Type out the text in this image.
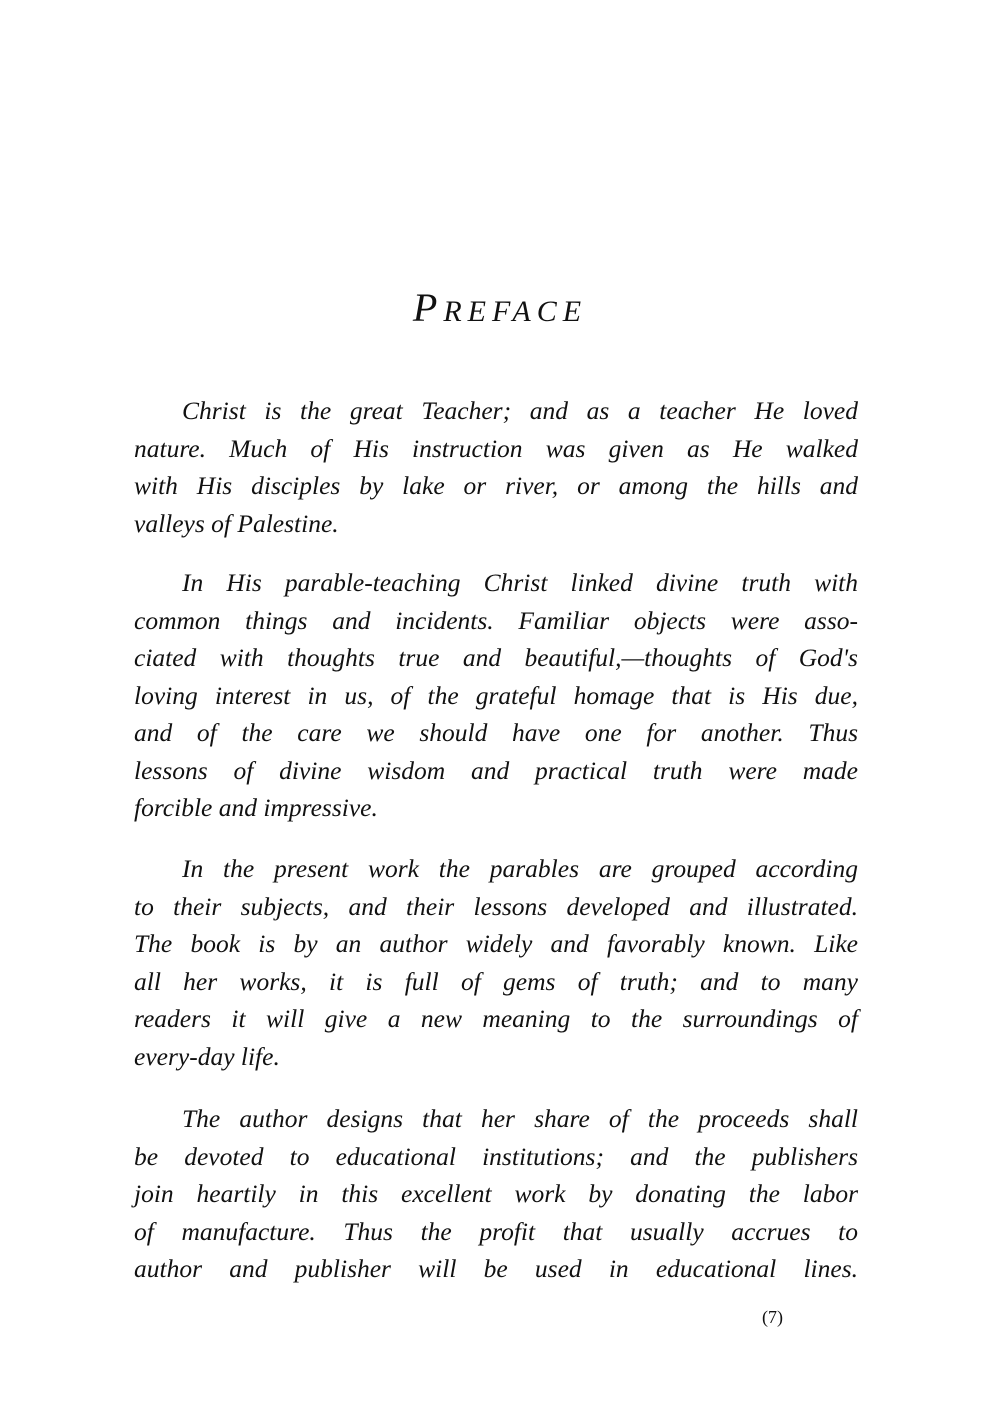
PREFACE
Christ is the great Teacher; and as a teacher He loved
nature. Much of His instruction was given as He walked
with His disciples by lake or river, or among the hills and
valleys of Palestine.
In His parable-teaching Christ linked divine truth with
common things and incidents. Familiar objects were asso-
ciated with thoughts true and beautiful,—thoughts of God's
loving interest in us, of the grateful homage that is His due,
and of the care we should have one for another. Thus
lessons of divine wisdom and practical truth were made
forcible and impressive.
In the present work the parables are grouped according
to their subjects, and their lessons developed and illustrated.
The book is by an author widely and favorably known. Like
all her works, it is full of gems of truth; and to many
readers it will give a new meaning to the surroundings of
every-day life.
The author designs that her share of the proceeds shall
be devoted to educational institutions; and the publishers
join heartily in this excellent work by donating the labor
of manufacture. Thus the profit that usually accrues to
author and publisher will be used in educational lines.
(7)
